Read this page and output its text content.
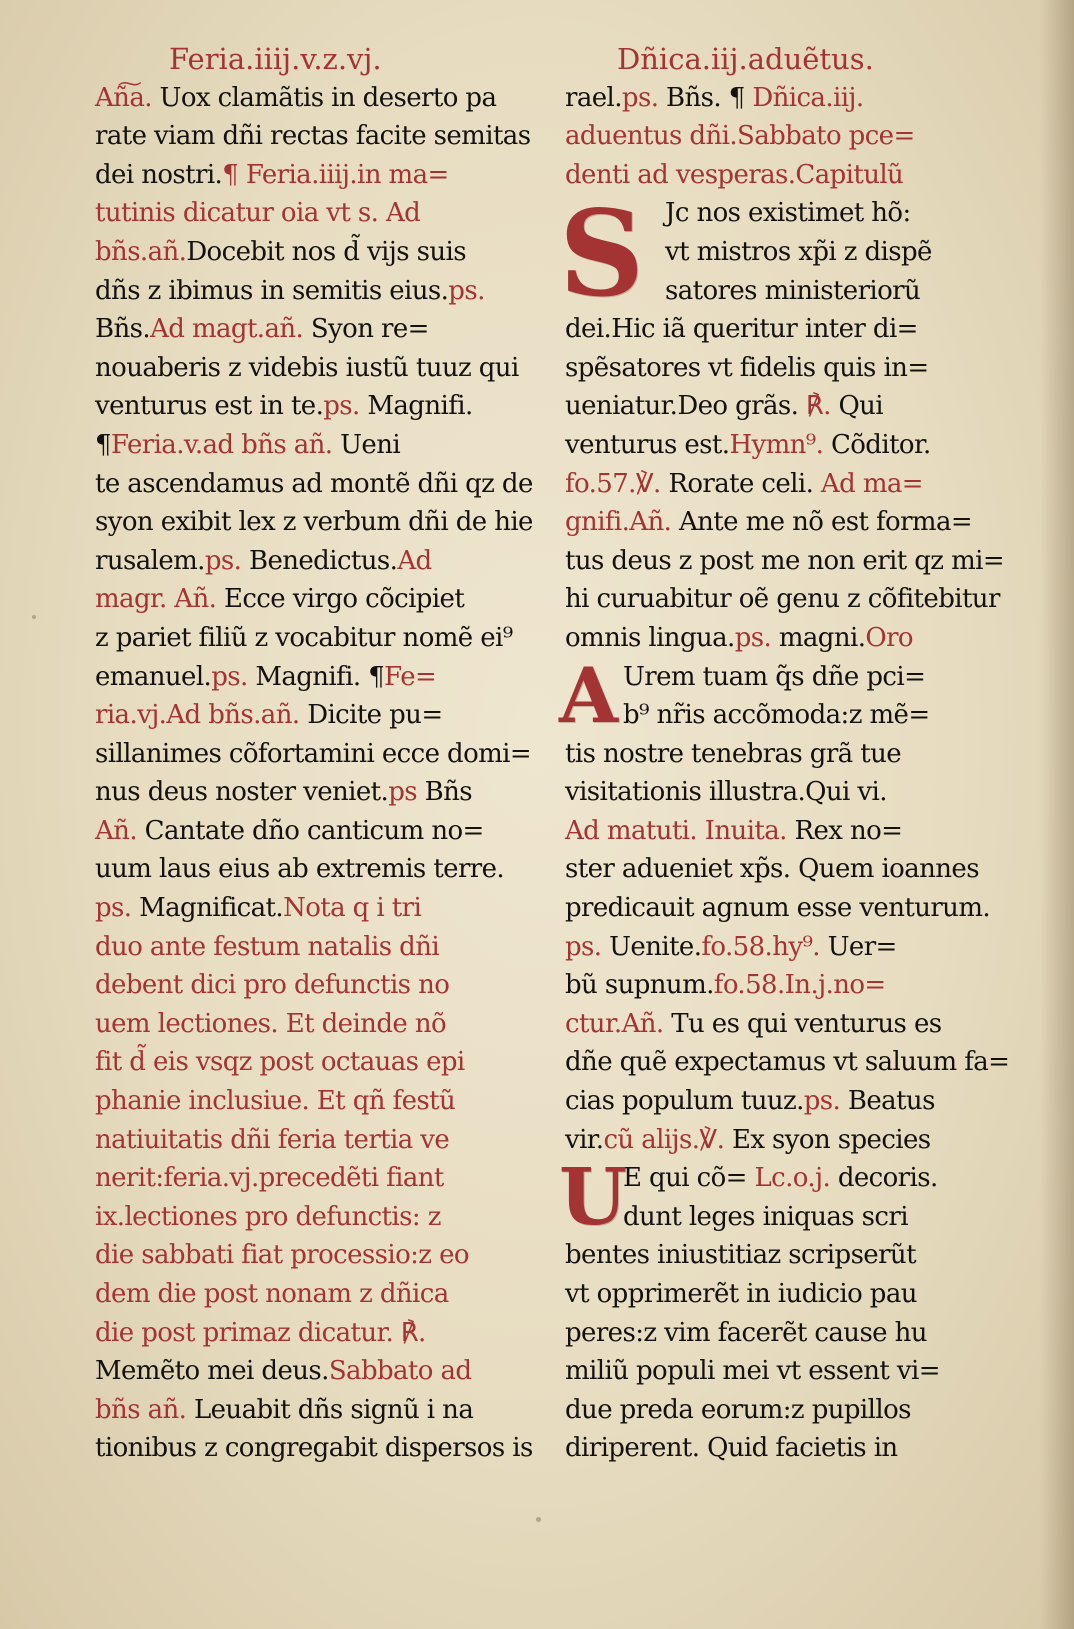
Feria.iiij.v.z.vj.
Añ͠a. Uox clamãtis in deserto pa
rate viam dñi rectas facite semitas
dei nostri.¶ Feria.iiij.in ma=
tutinis dicatur oia vt s. Ad
bñs.añ.Docebit nos d̃ vijs suis
dñs z ibimus in semitis eius.ps.
Bñs.Ad magt.añ. Syon re=
nouaberis z videbis iustũ tuuz qui
venturus est in te.ps. Magnifi.
¶Feria.v.ad bñs añ. Ueni
te ascendamus ad montẽ dñi qz de
syon exibit lex z verbum dñi de hie
rusalem.ps. Benedictus.Ad
magr. Añ. Ecce virgo cõcipiet
z pariet filiũ z vocabitur nomẽ ei⁹
emanuel.ps. Magnifi. ¶Fe=
ria.vj.Ad bñs.añ. Dicite pu=
sillanimes cõfortamini ecce domi=
nus deus noster veniet.ps Bñs
Añ. Cantate dño canticum no=
uum laus eius ab extremis terre.
ps. Magnificat.Nota q i tri
duo ante festum natalis dñi
debent dici pro defunctis no
uem lectiones. Et deinde nõ
fit d̃ eis vsqz post octauas epi
phanie inclusiue. Et qñ festũ
natiuitatis dñi feria tertia ve
nerit:feria.vj.precedẽti fiant
ix.lectiones pro defunctis: z
die sabbati fiat processio:z eo
dem die post nonam z dñica
die post primaz dicatur. ℟.
Memẽto mei deus.Sabbato ad
bñs añ. Leuabit dñs signũ i na
tionibus z congregabit dispersos is
Dñica.iij.aduẽtus.
rael.ps. Bñs. ¶ Dñica.iij.
aduentus dñi.Sabbato pce=
denti ad vesperas.Capitulũ
S Jc nos existimet hõ:
vt mistros xp̃i z dispẽ
satores ministeriorũ
dei.Hic iã queritur inter di=
spẽsatores vt fidelis quis in=
ueniatur.Deo grãs. ℟. Qui
venturus est.Hymn⁹. Cõditor.
fo.57.℣. Rorate celi. Ad ma=
gnifi.Añ. Ante me nõ est forma=
tus deus z post me non erit qz mi=
hi curuabitur oẽ genu z cõfitebitur
omnis lingua.ps. magni.Oro
A Urem tuam q̃s dñe pci=
b⁹ nr̃is accõmoda:z mẽ=
tis nostre tenebras grã tue
visitationis illustra.Qui vi.
Ad matuti. Inuita. Rex no=
ster adueniet xp̃s. Quem ioannes
predicauit agnum esse venturum.
ps. Uenite.fo.58.hy⁹. Uer=
bũ supnum.fo.58.In.j.no=
ctur.Añ. Tu es qui venturus es
dñe quẽ expectamus vt saluum fa=
cias populum tuuz.ps. Beatus
vir.cũ alijs.℣. Ex syon species
U
E qui cõ= Lc.o.j. decoris.
dunt leges iniquas scri
bentes iniustitiaz scripserũt
vt opprimerẽt in iudicio pau
peres:z vim facerẽt cause hu
miliũ populi mei vt essent vi=
due preda eorum:z pupillos
diriperent. Quid facietis in
